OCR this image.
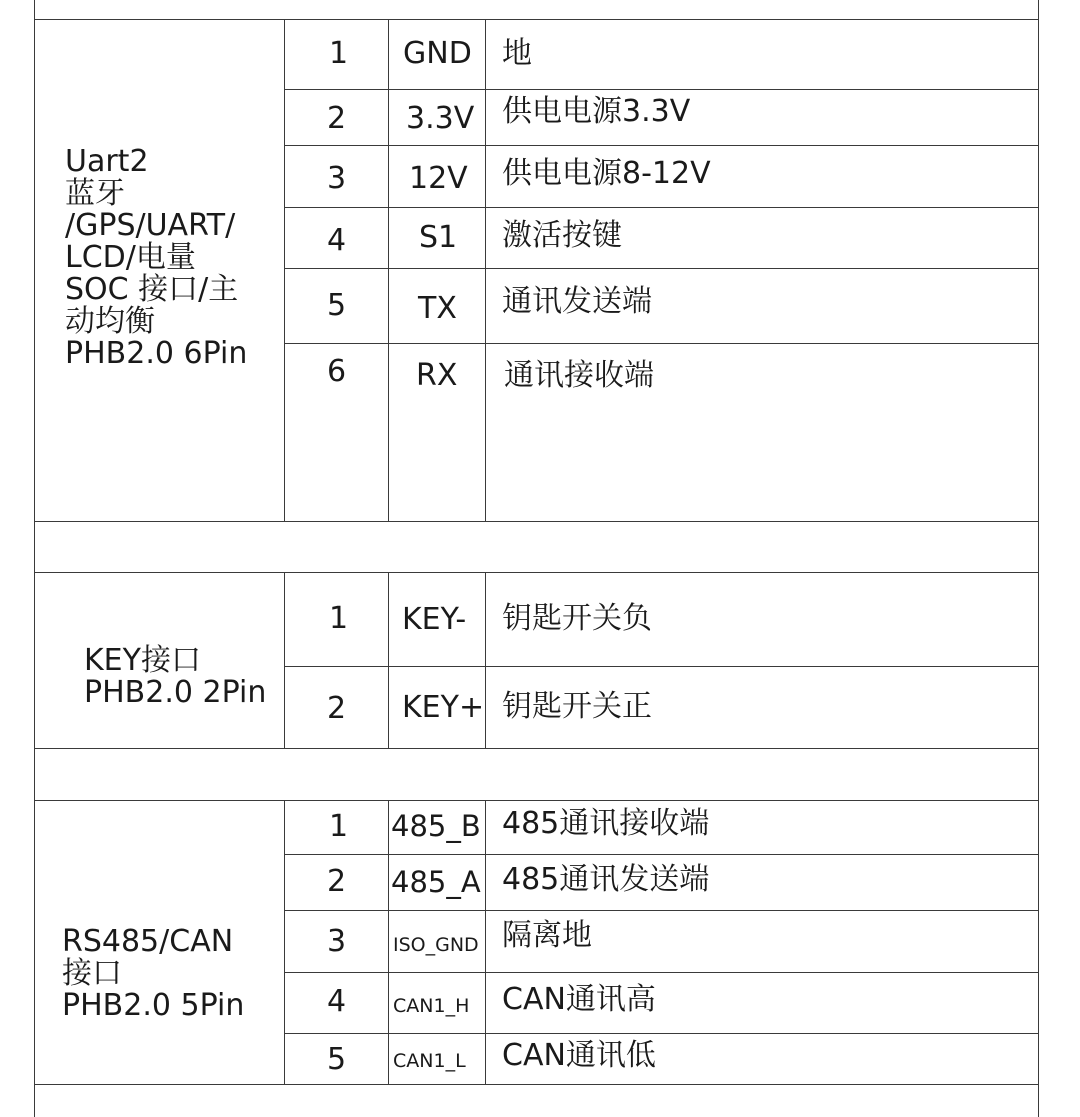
Uart2
蓝牙
/GPS/UART/
LCD/电量
SOC 接口/主
动均衡
PHB2.0 6Pin
1 GND 地
2 3.3V 供电电源3.3V
3 12V 供电电源8-12V
4 S1 激活按键
5 TX 通讯发送端
6 RX 通讯接收端
KEY接口
PHB2.0 2Pin
1 KEY- 钥匙开关负
2 KEY+ 钥匙开关正
RS485/CAN
接口
PHB2.0 5Pin
1 485_B 485通讯接收端
2 485_A 485通讯发送端
3 ISO_GND 隔离地
4 CAN1_H CAN通讯高
5 CAN1_L CAN通讯低
